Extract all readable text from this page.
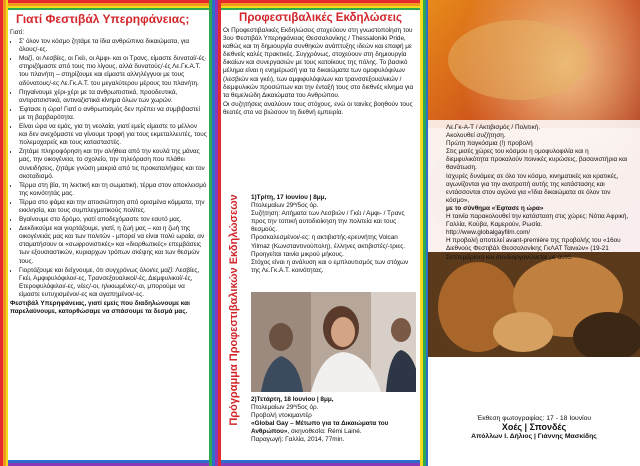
Γιατί Φεστιβάλ Υπερηφάνειας;

Γιατί:

• Σ' όλον τον κόσμο ζητάμε τα ίδια ανθρώπινα δικαιώματα, για όλους/-ες.
• Μαζί, οι Λεσβίες, οι Γκέι, οι Αμφι- και οι Τρανς, είμαστε δυνατοί/-ές· στηριζόμαστε από τους πιο λίγους, αλλά δυνατούς/-ές Λε.Γκ.Α.Τ. του πλανήτη – στηρίζουμε και είμαστε αλληλέγγυοι με τους αδύνατους/-ες Λε.Γκ.Α.Τ. του μεγαλύτερου μέρους του πλανήτη.
• Πηγαίνουμε χέρι-χέρι με τα ανθρωπιστικά, προοδευτικά, αντιρατσιστικά, αντιναζιστικά κίνημα όλων των χωρών.
• Έφτασε η ώρα! Γιατί ο ανθρωπισμός δεν πρέπει να συμβιβαστεί με τη βαρβαρότητα.
• Είναι ώρα να εμάς, για τη νεολαία, γιατί εμείς είμαστε το μέλλον και δεν ανεχόμαστε να γίνουμε τροφή για τους εκμεταλλευτές, τους πολεμοχαρείς και τους κατασταστές.
• Ζητάμε πληροφόρηση και την αλήθεια από την κουλά της μάνας μας, την οικογένεια, το σχολείο, την τηλεόραση που πλάθει συνειδήσεις, ζητάμε γνώση μακριά από τις προκαταλήψεις και τον σκοταδισμό.
• Τέρμα στη βία, τη λεκτική και τη σωματική, τέρμα στον αποκλεισμό της κοινότητάς μας.
• Τέρμα στο φάμα και την αποσιώπηση από ορισμένα κόμματα, την εκκλησία, και τους συμπλεγματικούς πολίτες.
• Βγαίνουμε στο δρόμο, γιατί αποδεχόμαστε τον εαυτό μας.
• Διεκδικούμε και γιορτάζουμε, γιατί, η ζωή μας – και η ζωή της οικογένειάς μας και των πολιτών - μπορεί να είναι πολύ ωραία, αν σταματήσουν οι «σωφρονιστικές» και «διορθωτικές» επεμβάσεις των εξουσιαστικών, κυριαρχων τρόπων σκέψης και των θεσμών τους.
• Γιορτάζουμε και δείχνουμε, ότι συγχρόνως όλοι/ες μαζί: Λεσβίες, Γκέι, Αμφιφυλόφιλοι/-ες, Τρανσεξουαλικοί/-ές, Διεμφυλικοί/-ές, Ετεροφυλόφιλοι/-ες, νέες/-οι, ηλικιωμένες/-οι, μπορούμε να είμαστε ευτυχισμένοι/-ες και αγαπημένοι/-ες.

Φεστιβάλ Υπερηφάνειας, γιατί εμείς που διαδηλώνουμε και παρελαύνουμε, κατορθώσαμε να σπάσουμε τα δεσμά μας.

Προφεστιβαλικές Εκδηλώσεις

Οι Προφεστιβαλικές Εκδηλώσεις στοχεύουν στη γνωστοποίηση του 3ου Φεστιβάλ Υπερηφάνειας Θεσσαλονίκης / Thessaloniki Pride, καθώς και τη δημιουργία συνθηκών ανάπτυξης ιδεών και επαφή με διεθνείς καλές πρακτικές. Συγχρόνως, στοχεύουν στη δημιουργία δικαίων και συνεργασιών με τους κατοίκους της πόλης. Το βασικό μέλημα είναι η ενημέρωσή για τα δικαιώματα των ομοφυλόφιλων (λεσβιών και γκέι), των αμφιφυλόφιλων και τρανσσεξουαλικών / διεμφυλικών προσώπων και την ένταξή τους στο διεθνές κίνημα για τα θεμελιώδη Δικαιώματα του Ανθρώπου.

Οι συζητήσεις αναλύουν τους στόχους, ενώ οι ταινίες βοηθούν τους θεατές στο να βιώσουν τη διεθνή εμπειρία.

Πρόγραμμα Προφεστιβαλικών Εκδηλώσεων 1)Τρίτη, 17 Ιουνίου | 8μμ,

Πτολεμαίων 29ª/5ος όρ.

Συζήτηση: Αιτήματα των Λεσβιών / Γκέι / Αμφι- / Τρανς προς την τοπική αυτοδιοίκηση την πολιτεία και τους θεσμούς.

Προσκαλεσμένοι/-ες: η ακτιβιστής-ερευνήτης Volcan Yilmaz (Κωνσταντινούπολη), έλληνες ακτιβιστές/-τριες.

Προηγείται ταινία μικρού μήκους.

Στόχος είναι η ανάλυση και ο εμπλουτισμός των στόχων της Λε.Γκ.Α.Τ. κοινότητας.

2)Τετάρτη, 18 Ιουνίου | 8μμ,

Πτολεμαίων 29ª/5ος όρ.

Προβολή ντοκιμαντέρ

«Global Gay – Μέτωπο για τα Δικαιώματα του Ανθρώπου», σκηνοθεσία: Rémi Lainé.

Παραγωγή: Γαλλία, 2014, 77min.

Λε.Γκ-Α-Τ / Ακτιβισμός / Πολιτική.

Ακολουθεί συζήτηση.

Πρώτη παγκόσμια (!) προβολή

Στις μισές χώρες του κόσμου η ομοφυλοφιλία και η διεμφυλικότητα προκαλούν ποινικές κυρώσεις, βασανιστήρια και θανάτωση.

Ισχυρές δυνάμεις σε όλο τον κόσμο, κινηματικές και κρατικές, αγωνίζονται για την ανατροπή αυτής της κατάστασης και εντάσσονται στον αγώνα για «Ίδια δικαιώματα σε όλον τον κόσμο»,

με το σύνθημα «Έφτασε η ώρα»

Η ταινία παρακολουθεί την κατάσταση στις χώρες: Νότια Αφρική, Γαλλία, Κούβα, Καμερούν, Ρωσία.

http://www.globalgayfilm.com/

Η προβολή αποτελεί avant-première της προβολής του «16ου Διεθνούς Φεστιβάλ Θεσσαλονίκης ΓκΛΑΤ Ταινιών» (19-21 Σεπτεμβρίου) και συνδιοργανώνεται με αυτό.

Έκθεση φωτογραφίας: 17 - 18 Ιουνίου
Χοές | Σπονδές
Απόλλων Ι. Δήλιος | Γιάννης Μασκίδης
